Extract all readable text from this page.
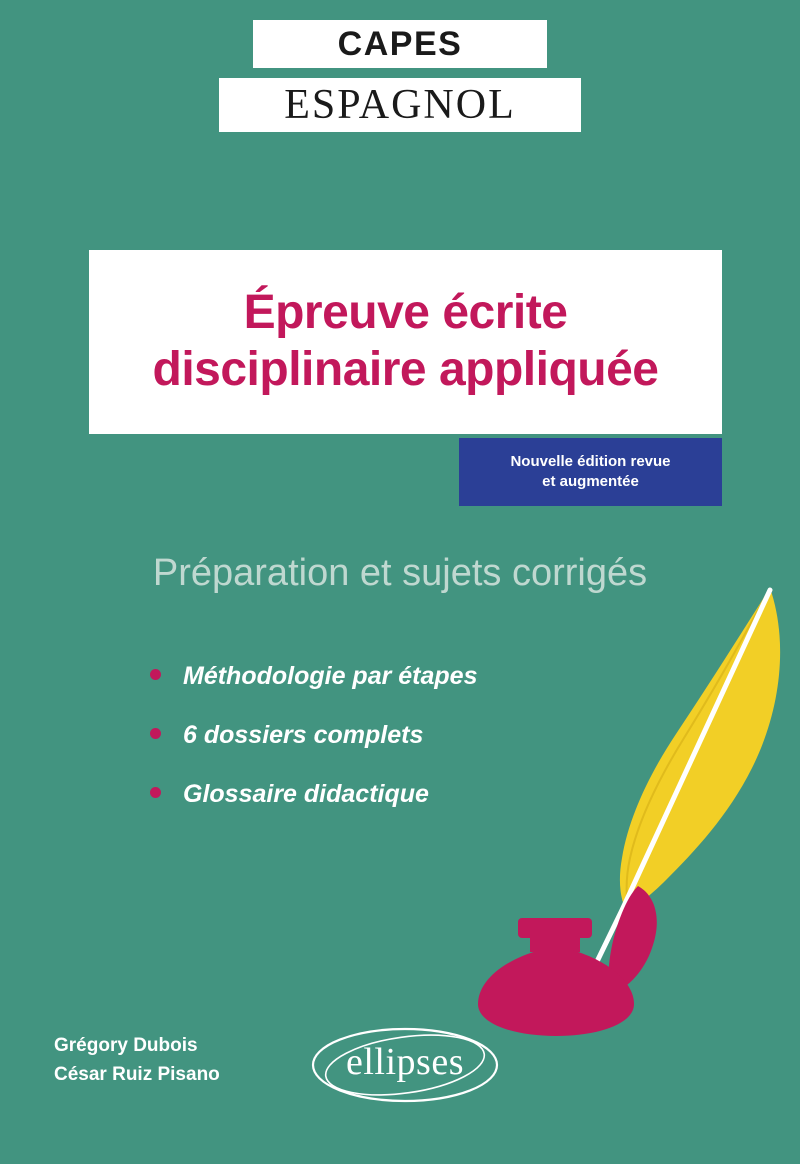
CAPES
ESPAGNOL
Épreuve écrite
disciplinaire appliquée
Nouvelle édition revue
et augmentée
Préparation et sujets corrigés
Méthodologie par étapes
6 dossiers complets
Glossaire didactique
Grégory Dubois
César Ruiz Pisano	ellipses
